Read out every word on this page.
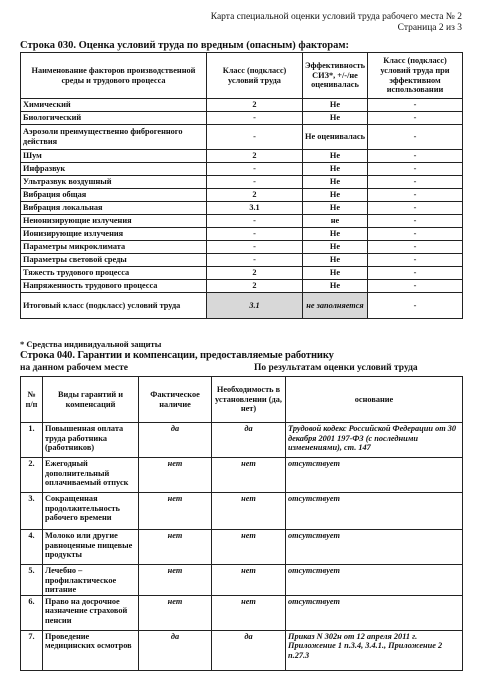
Карта специальной оценки условий труда рабочего места № 2
Страница 2 из 3
Строка 030. Оценка условий труда по вредным (опасным) факторам:
Наименование факторов производственной среды и трудового процесса	Класс (подкласс) условий труда	Эффективность СИЗ*, +/-/не оценивалась	Класс (подкласс) условий труда при эффективном использовании
Химический	2	Не	-
Биологический	-	Не	-
Аэрозоли преимущественно фиброгенного действия	-	Не оценивалась	-
Шум	2	Не	-
Инфразвук	-	Не	-
Ультразвук воздушный	-	Не	-
Вибрация общая	2	Не	-
Вибрация локальная	3.1	Не	-
Неионизирующие излучения	-	не	-
Ионизирующие излучения	-	Не	-
Параметры микроклимата	-	Не	-
Параметры световой среды	-	Не	-
Тяжесть трудового процесса	2	Не	-
Напряженность трудового процесса	2	Не	-
Итоговый класс (подкласс) условий труда	3.1	не заполняется	-
* Средства индивидуальной защиты
Строка 040. Гарантии и компенсации, предоставляемые работнику
на данном рабочем месте	По результатам оценки условий труда
№ п/п	Виды гарантий и компенсаций	Фактическое наличие	Необходимость в установлении (да, нет)	основание
1.	Повышенная оплата труда работника (работников)	да	да	Трудовой кодекс Российской Федерации от 30 декабря 2001 197-ФЗ (с последними изменениями), ст. 147
2.	Ежегодный дополнительный оплачиваемый отпуск	нет	нет	отсутствует
3.	Сокращенная продолжительность рабочего времени	нет	нет	отсутствует
4.	Молоко или другие равноценные пищевые продукты	нет	нет	отсутствует
5.	Лечебно – профилактическое питание	нет	нет	отсутствует
6.	Право на досрочное назначение страховой пенсии	нет	нет	отсутствует
7.	Проведение медицинских осмотров	да	да	Приказ N 302н от 12 апреля 2011 г. Приложение 1 п.3.4, 3.4.1., Приложение 2 п.27.3
